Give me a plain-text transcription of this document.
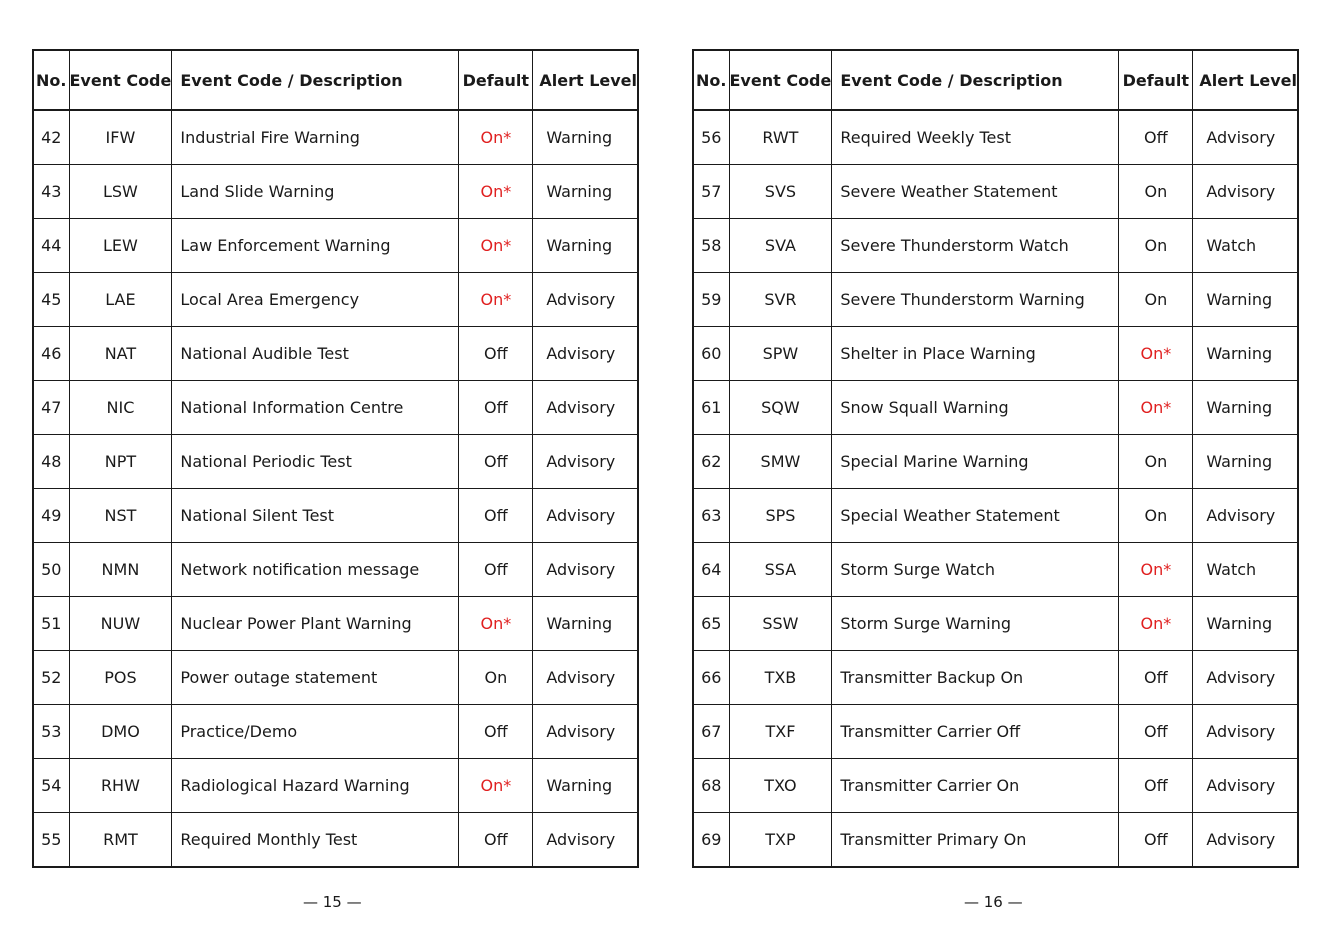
No.	Event Code	Event Code / Description	Default	Alert Level
42	IFW	Industrial Fire Warning	On*	Warning
43	LSW	Land Slide Warning	On*	Warning
44	LEW	Law Enforcement Warning	On*	Warning
45	LAE	Local Area Emergency	On*	Advisory
46	NAT	National Audible Test	Off	Advisory
47	NIC	National Information Centre	Off	Advisory
48	NPT	National Periodic Test	Off	Advisory
49	NST	National Silent Test	Off	Advisory
50	NMN	Network notification message	Off	Advisory
51	NUW	Nuclear Power Plant Warning	On*	Warning
52	POS	Power outage statement	On	Advisory
53	DMO	Practice/Demo	Off	Advisory
54	RHW	Radiological Hazard Warning	On*	Warning
55	RMT	Required Monthly Test	Off	Advisory
No.	Event Code	Event Code / Description	Default	Alert Level
56	RWT	Required Weekly Test	Off	Advisory
57	SVS	Severe Weather Statement	On	Advisory
58	SVA	Severe Thunderstorm Watch	On	Watch
59	SVR	Severe Thunderstorm Warning	On	Warning
60	SPW	Shelter in Place Warning	On*	Warning
61	SQW	Snow Squall Warning	On*	Warning
62	SMW	Special Marine Warning	On	Warning
63	SPS	Special Weather Statement	On	Advisory
64	SSA	Storm Surge Watch	On*	Watch
65	SSW	Storm Surge Warning	On*	Warning
66	TXB	Transmitter Backup On	Off	Advisory
67	TXF	Transmitter Carrier Off	Off	Advisory
68	TXO	Transmitter Carrier On	Off	Advisory
69	TXP	Transmitter Primary On	Off	Advisory
— 15 —	— 16 —
